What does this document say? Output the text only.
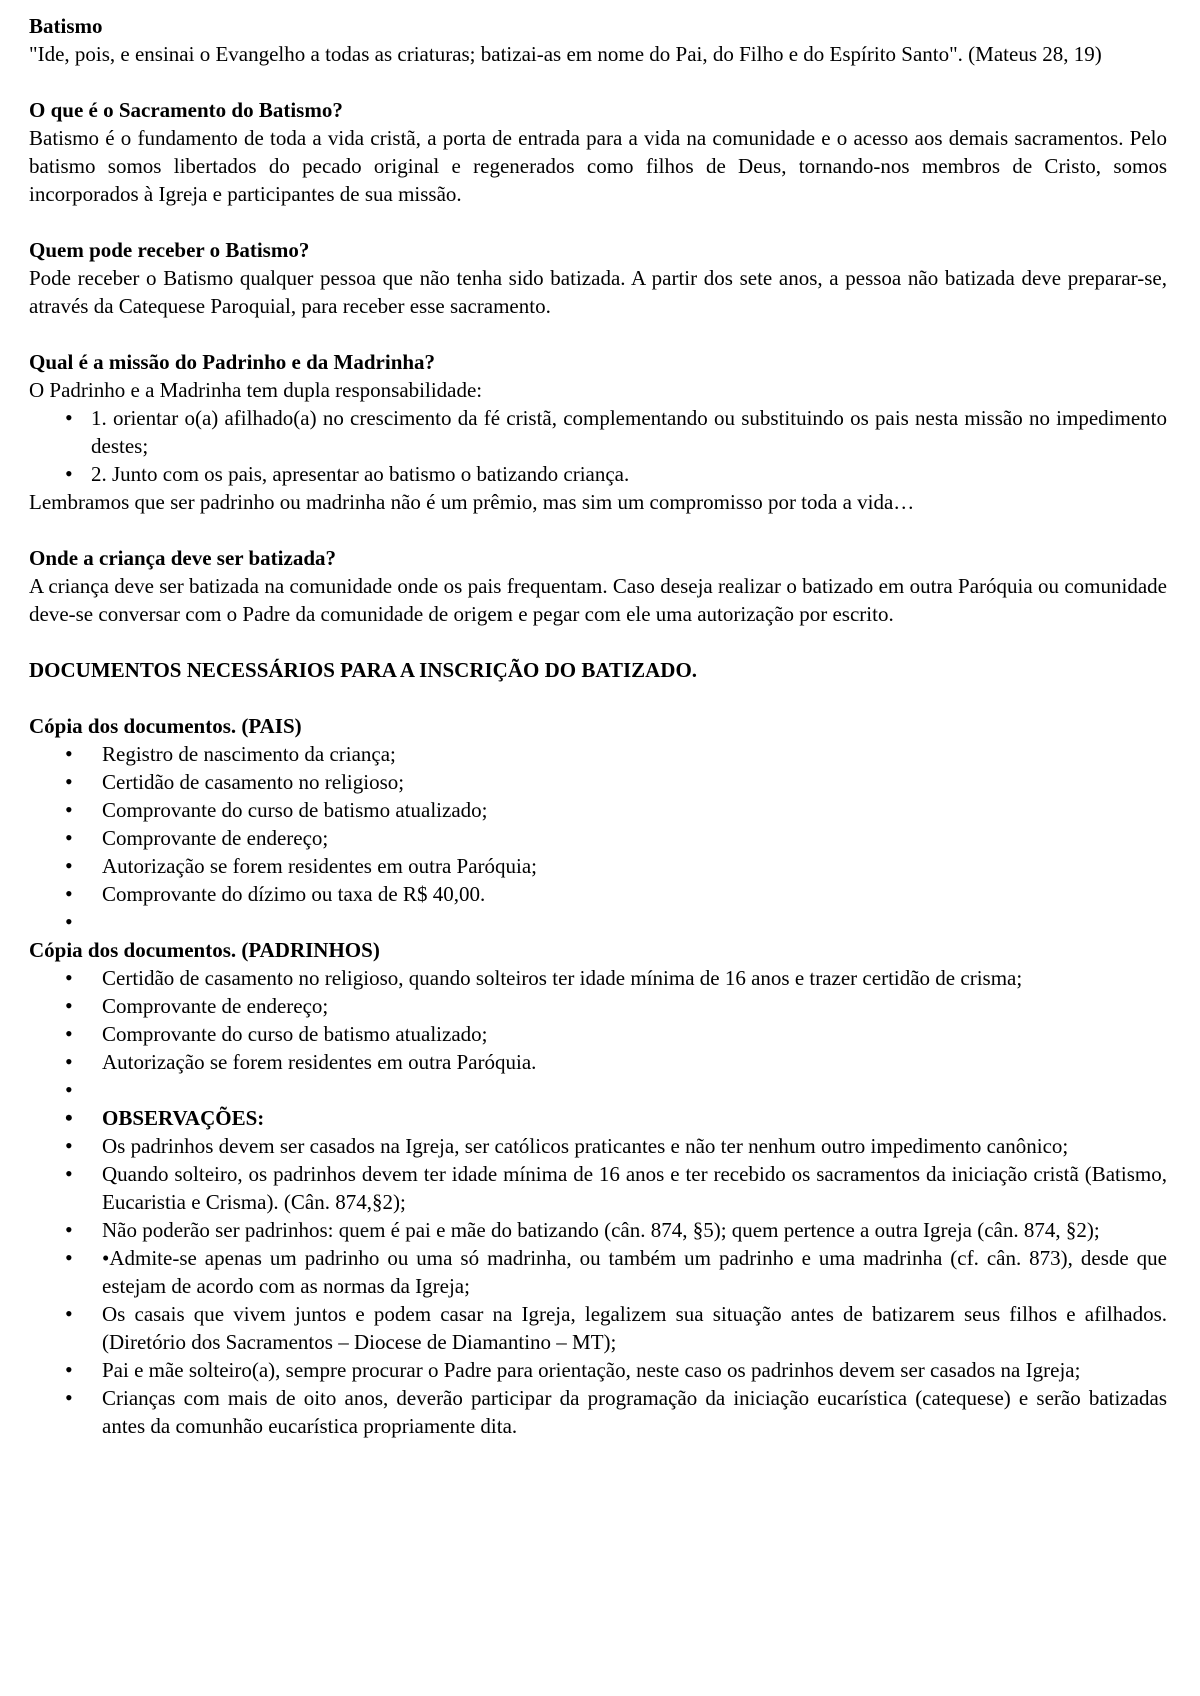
Batismo

"Ide, pois, e ensinai o Evangelho a todas as criaturas; batizai-as em nome do Pai, do Filho e do Espírito Santo". (Mateus 28, 19)

O que é o Sacramento do Batismo?

Batismo é o fundamento de toda a vida cristã, a porta de entrada para a vida na comunidade e o acesso aos demais sacramentos. Pelo batismo somos libertados do pecado original e regenerados como filhos de Deus, tornando-nos membros de Cristo, somos incorporados à Igreja e participantes de sua missão.

Quem pode receber o Batismo?

Pode receber o Batismo qualquer pessoa que não tenha sido batizada. A partir dos sete anos, a pessoa não batizada deve preparar-se, através da Catequese Paroquial, para receber esse sacramento.

Qual é a missão do Padrinho e da Madrinha?

O Padrinho e a Madrinha tem dupla responsabilidade:

• 1. orientar o(a) afilhado(a) no crescimento da fé cristã, complementando ou substituindo os pais nesta missão no impedimento destes;
• 2. Junto com os pais, apresentar ao batismo o batizando criança.

Lembramos que ser padrinho ou madrinha não é um prêmio, mas sim um compromisso por toda a vida…

Onde a criança deve ser batizada?

A criança deve ser batizada na comunidade onde os pais frequentam. Caso deseja realizar o batizado em outra Paróquia ou comunidade deve-se conversar com o Padre da comunidade de origem e pegar com ele uma autorização por escrito.

DOCUMENTOS NECESSÁRIOS PARA A INSCRIÇÃO DO BATIZADO.

Cópia dos documentos. (PAIS)

• Registro de nascimento da criança;
• Certidão de casamento no religioso;
• Comprovante do curso de batismo atualizado;
• Comprovante de endereço;
• Autorização se forem residentes em outra Paróquia;
• Comprovante do dízimo ou taxa de R$ 40,00.
•

Cópia dos documentos. (PADRINHOS)

• Certidão de casamento no religioso, quando solteiros ter idade mínima de 16 anos e trazer certidão de crisma;
• Comprovante de endereço;
• Comprovante do curso de batismo atualizado;
• Autorização se forem residentes em outra Paróquia.
•
• OBSERVAÇÕES:
• Os padrinhos devem ser casados na Igreja, ser católicos praticantes e não ter nenhum outro impedimento canônico;
• Quando solteiro, os padrinhos devem ter idade mínima de 16 anos e ter recebido os sacramentos da iniciação cristã (Batismo, Eucaristia e Crisma). (Cân. 874,§2);
• Não poderão ser padrinhos: quem é pai e mãe do batizando (cân. 874, §5); quem pertence a outra Igreja (cân. 874, §2);
• •Admite-se apenas um padrinho ou uma só madrinha, ou também um padrinho e uma madrinha (cf. cân. 873), desde que estejam de acordo com as normas da Igreja;
• Os casais que vivem juntos e podem casar na Igreja, legalizem sua situação antes de batizarem seus filhos e afilhados. (Diretório dos Sacramentos – Diocese de Diamantino – MT);
• Pai e mãe solteiro(a), sempre procurar o Padre para orientação, neste caso os padrinhos devem ser casados na Igreja;
• Crianças com mais de oito anos, deverão participar da programação da iniciação eucarística (catequese) e serão batizadas antes da comunhão eucarística propriamente dita.
